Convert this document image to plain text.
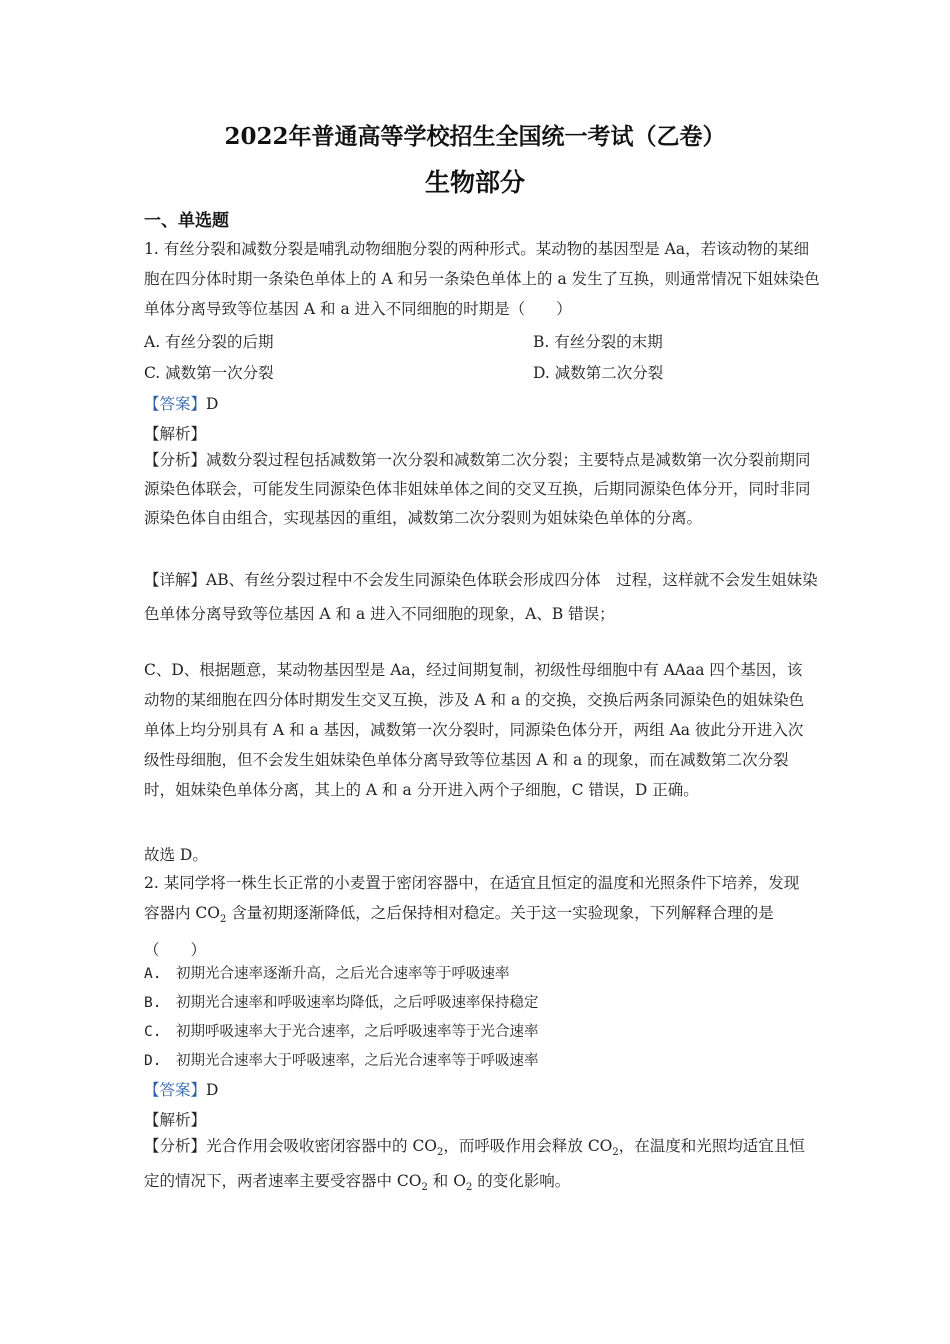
2022年普通高等学校招生全国统一考试（乙卷）
生物部分
一、单选题
1. 有丝分裂和减数分裂是哺乳动物细胞分裂的两种形式。某动物的基因型是 Aa，若该动物的某细胞在四分体时期一条染色单体上的 A 和另一条染色单体上的 a 发生了互换，则通常情况下姐妹染色单体分离导致等位基因 A 和 a 进入不同细胞的时期是（　　）
A. 有丝分裂的后期	B. 有丝分裂的末期
C. 减数第一次分裂	D. 减数第二次分裂
【答案】D
【解析】
【分析】减数分裂过程包括减数第一次分裂和减数第二次分裂；主要特点是减数第一次分裂前期同源染色体联会，可能发生同源染色体非姐妹单体之间的交叉互换，后期同源染色体分开，同时非同源染色体自由组合，实现基因的重组，减数第二次分裂则为姐妹染色单体的分离。
【详解】AB、有丝分裂过程中不会发生同源染色体联会形成四分体　过程，这样就不会发生姐妹染色单体分离导致等位基因 A 和 a 进入不同细胞的现象，A、B 错误；
C、D、根据题意，某动物基因型是 Aa，经过间期复制，初级性母细胞中有 AAaa 四个基因，该动物的某细胞在四分体时期发生交叉互换，涉及 A 和 a 的交换，交换后两条同源染色的姐妹染色单体上均分别具有 A 和 a 基因，减数第一次分裂时，同源染色体分开，两组 Aa 彼此分开进入次级性母细胞，但不会发生姐妹染色单体分离导致等位基因 A 和 a 的现象，而在减数第二次分裂时，姐妹染色单体分离，其上的 A 和 a 分开进入两个子细胞，C 错误，D 正确。
故选 D。
2. 某同学将一株生长正常的小麦置于密闭容器中，在适宜且恒定的温度和光照条件下培养，发现容器内 $CO_2$ 含量初期逐渐降低，之后保持相对稳定。关于这一实验现象，下列解释合理的是（　　）
A.　初期光合速率逐渐升高，之后光合速率等于呼吸速率
B.　初期光合速率和呼吸速率均降低，之后呼吸速率保持稳定
C.　初期呼吸速率大于光合速率，之后呼吸速率等于光合速率
D.　初期光合速率大于呼吸速率，之后光合速率等于呼吸速率
【答案】D
【解析】
【分析】光合作用会吸收密闭容器中的 $CO_2$，而呼吸作用会释放 $CO_2$，在温度和光照均适宜且恒定的情况下，两者速率主要受容器中 $CO_2$ 和 $O_2$ 的变化影响。
